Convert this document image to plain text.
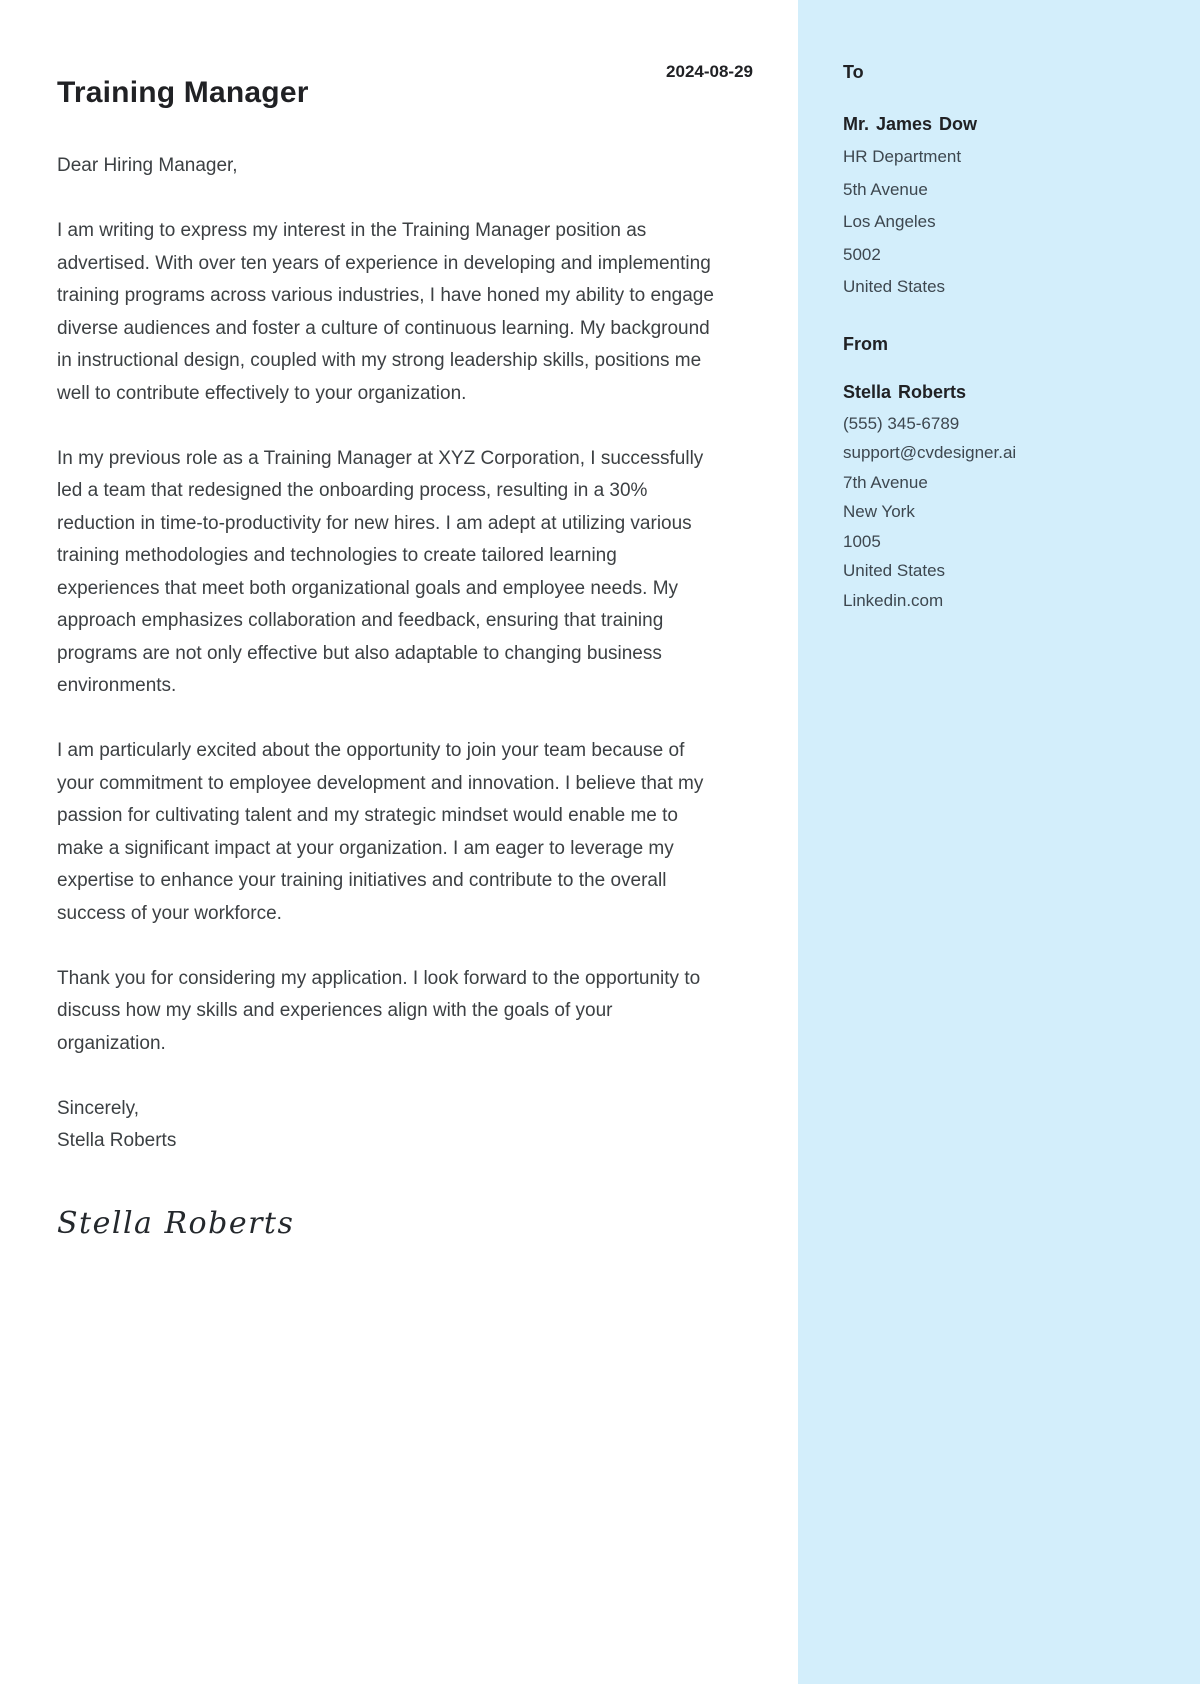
Training Manager
2024-08-29

Dear Hiring Manager,

I am writing to express my interest in the Training Manager position as advertised. With over ten years of experience in developing and implementing training programs across various industries, I have honed my ability to engage diverse audiences and foster a culture of continuous learning. My background in instructional design, coupled with my strong leadership skills, positions me well to contribute effectively to your organization.

In my previous role as a Training Manager at XYZ Corporation, I successfully led a team that redesigned the onboarding process, resulting in a 30% reduction in time-to-productivity for new hires. I am adept at utilizing various training methodologies and technologies to create tailored learning experiences that meet both organizational goals and employee needs. My approach emphasizes collaboration and feedback, ensuring that training programs are not only effective but also adaptable to changing business environments.

I am particularly excited about the opportunity to join your team because of your commitment to employee development and innovation. I believe that my passion for cultivating talent and my strategic mindset would enable me to make a significant impact at your organization. I am eager to leverage my expertise to enhance your training initiatives and contribute to the overall success of your workforce.

Thank you for considering my application. I look forward to the opportunity to discuss how my skills and experiences align with the goals of your organization.

Sincerely,
Stella Roberts

Stella Roberts
To
Mr. James Dow
HR Department
5th Avenue
Los Angeles
5002
United States
From
Stella Roberts
(555) 345-6789
support@cvdesigner.ai
7th Avenue
New York
1005
United States
Linkedin.com
